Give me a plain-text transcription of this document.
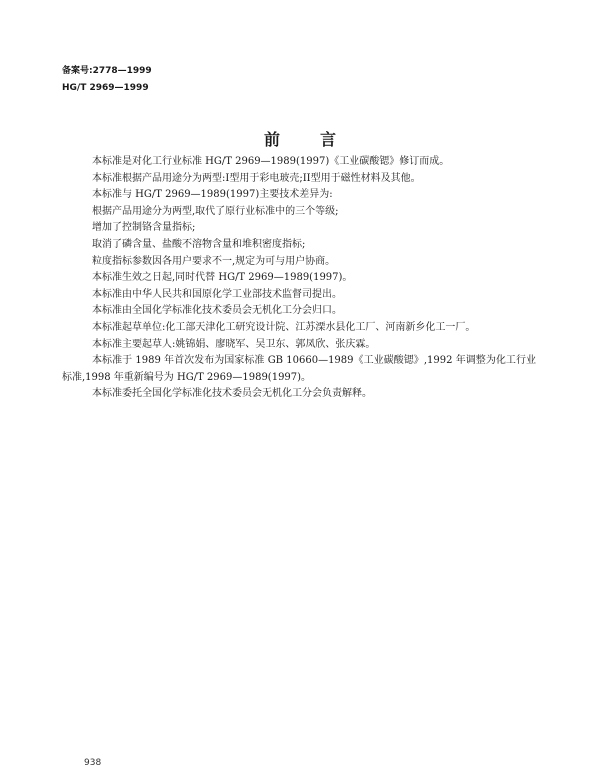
备案号:2778—1999
HG/T 2969—1999
前言

本标准是对化工行业标准 HG/T 2969—1989(1997)《工业碳酸锶》修订而成。

本标准根据产品用途分为两型:I型用于彩电玻壳;II型用于磁性材料及其他。

本标准与 HG/T 2969—1989(1997)主要技术差异为:

根据产品用途分为两型,取代了原行业标准中的三个等级;

增加了控制铬含量指标;

取消了磷含量、盐酸不溶物含量和堆积密度指标;

粒度指标参数因各用户要求不一,规定为可与用户协商。

本标准生效之日起,同时代替 HG/T 2969—1989(1997)。

本标准由中华人民共和国原化学工业部技术监督司提出。

本标准由全国化学标准化技术委员会无机化工分会归口。

本标准起草单位:化工部天津化工研究设计院、江苏溧水县化工厂、河南新乡化工一厂。

本标准主要起草人:姚锦娟、廖晓军、吴卫东、郭凤欣、张庆霖。

本标准于 1989 年首次发布为国家标准 GB 10660—1989《工业碳酸锶》,1992 年调整为化工行业标准,1998 年重新编号为 HG/T 2969—1989(1997)。

本标准委托全国化学标准化技术委员会无机化工分会负责解释。

938
